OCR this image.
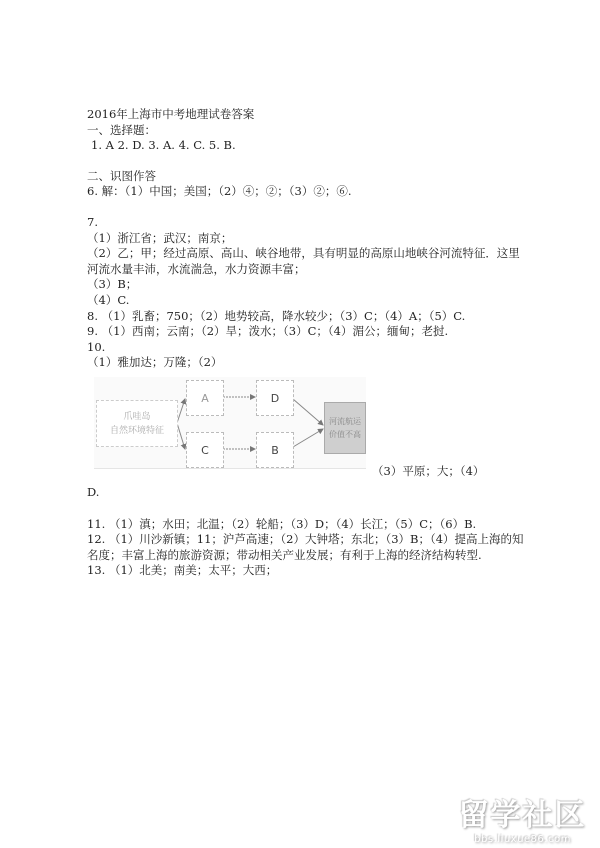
2016年上海市中考地理试卷答案
一、选择题：
1. A 2. D. 3. A. 4. C. 5. B.
二、识图作答
6. 解：（1）中国；美国；（2）④；②；（3）②；⑥.
7.
（1）浙江省；武汉；南京；
（2）乙；甲；经过高原、高山、峡谷地带，具有明显的高原山地峡谷河流特征．这里河流水量丰沛，水流湍急，水力资源丰富；
（3）B；
（4）C.
8. （1）乳畜；750；（2）地势较高，降水较少；（3）C；（4）A；（5）C.
9. （1）西南；云南；（2）旱；泼水；（3）C；（4）湄公；缅甸；老挝.
10.
（1）雅加达；万隆；（2）
爪哇岛
自然环境特征
A
C
D
B
河流航运
价值不高
（3）平原；大；（4）
D.
11. （1）滇；水田；北温；（2）轮船；（3）D；（4）长江；（5）C；（6）B.
12. （1）川沙新镇；11；沪芦高速；（2）大钟塔；东北；（3）B；（4）提高上海的知名度；丰富上海的旅游资源；带动相关产业发展；有利于上海的经济结构转型.
13. （1）北美；南美；太平；大西；
留学社区
bbs.liuxue86.com
